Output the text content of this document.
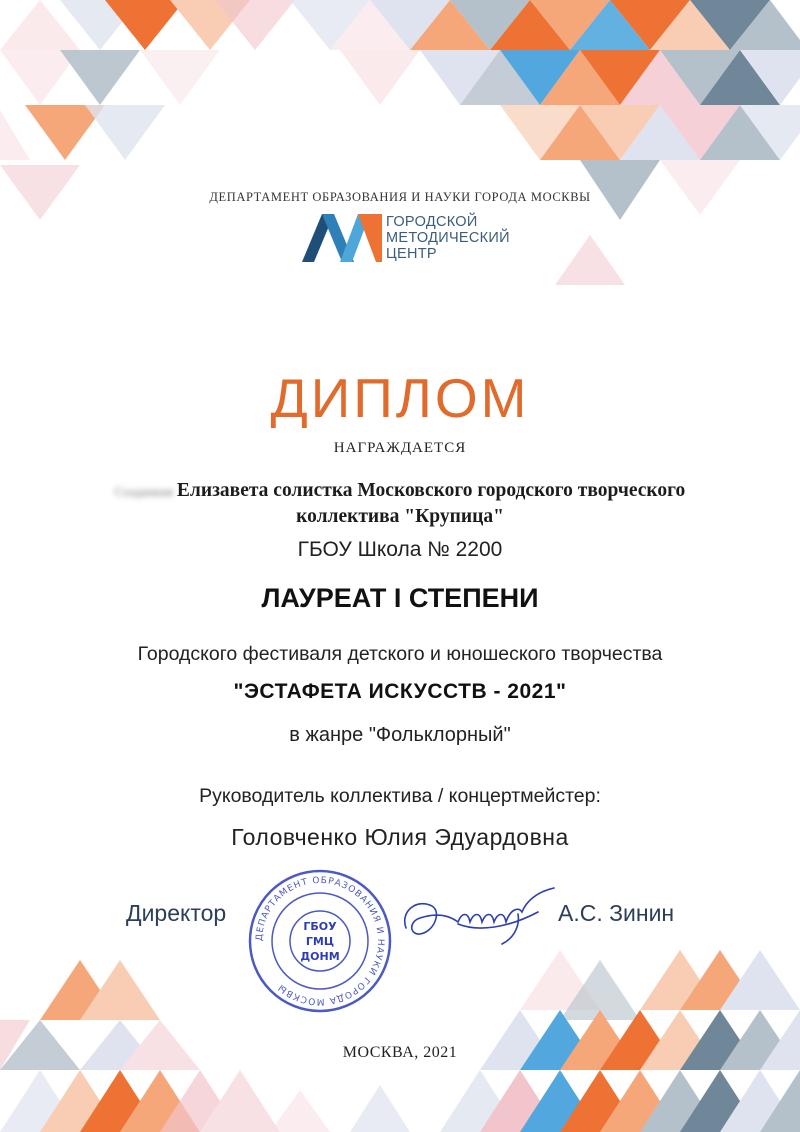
ДЕПАРТАМЕНТ ОБРАЗОВАНИЯ И НАУКИ ГОРОДА МОСКВЫ
ГОРОДСКОЙ
МЕТОДИЧЕСКИЙ
ЦЕНТР
ДИПЛОМ
НАГРАЖДАЕТСЯ
Созданная Елизавета солистка Московского городского творческого
коллектива "Крупица"
ГБОУ Школа № 2200
ЛАУРЕАТ I СТЕПЕНИ
Городского фестиваля детского и юношеского творчества
"ЭСТАФЕТА ИСКУССТВ - 2021"
в жанре "Фольклорный"
Руководитель коллектива / концертмейстер:
Головченко Юлия Эдуардовна
Директор
ДЕПАРТАМЕНТ ОБРАЗОВАНИЯ И НАУКИ ГОРОДА МОСКВЫ
ГБОУ
ГМЦ
ДОНМ
А.С. Зинин
МОСКВА, 2021
